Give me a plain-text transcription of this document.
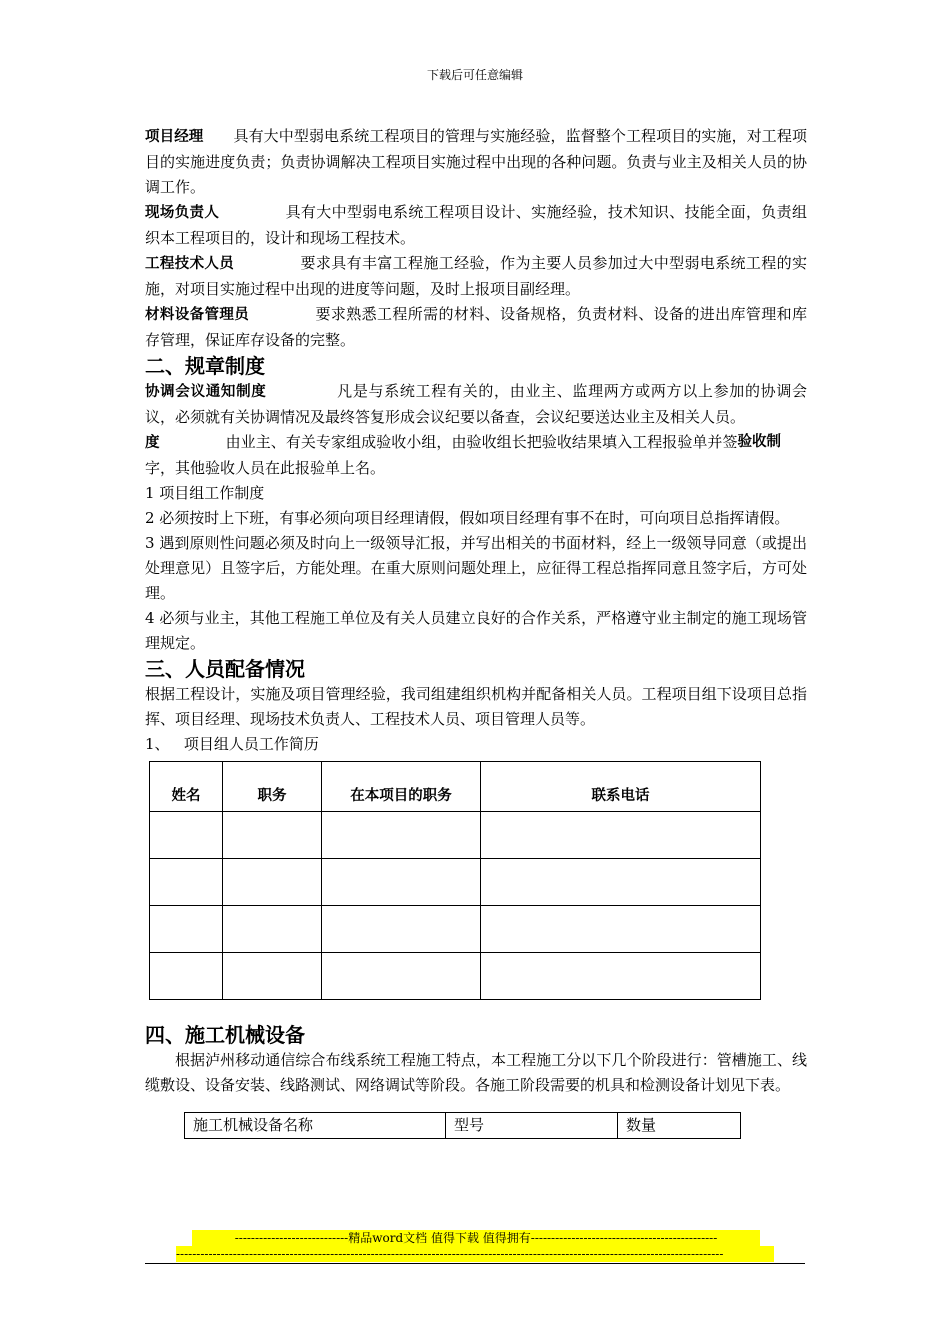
下载后可任意编辑

项目经理 具有大中型弱电系统工程项目的管理与实施经验，监督整个工程项目的实施，对工程项目的实施进度负责；负责协调解决工程项目实施过程中出现的各种问题。负责与业主及相关人员的协调工作。

现场负责人	具有大中型弱电系统工程项目设计、实施经验，技术知识、技能全面，负责组织本工程项目的，设计和现场工程技术。

工程技术人员	要求具有丰富工程施工经验，作为主要人员参加过大中型弱电系统工程的实施，对项目实施过程中出现的进度等问题，及时上报项目副经理。

材料设备管理员	要求熟悉工程所需的材料、设备规格，负责材料、设备的进出库管理和库存管理，保证库存设备的完整。

二、规章制度

协调会议通知制度	凡是与系统工程有关的，由业主、监理两方或两方以上参加的协调会议，必须就有关协调情况及最终答复形成会议纪要以备查，会议纪要送达业主及相关人员。
验收制

度	由业主、有关专家组成验收小组，由验收组长把验收结果填入工程报验单并签字，其他验收人员在此报验单上名。

1 项目组工作制度

2 必须按时上下班，有事必须向项目经理请假，假如项目经理有事不在时，可向项目总指挥请假。

3 遇到原则性问题必须及时向上一级领导汇报，并写出相关的书面材料，经上一级领导同意（或提出处理意见）且签字后，方能处理。在重大原则问题处理上，应征得工程总指挥同意且签字后，方可处理。

4 必须与业主，其他工程施工单位及有关人员建立良好的合作关系，严格遵守业主制定的施工现场管理规定。

三、人员配备情况

根据工程设计，实施及项目管理经验，我司组建组织机构并配备相关人员。工程项目组下设项目总指挥、项目经理、现场技术负责人、工程技术人员、项目管理人员等。

1、   项目组人员工作简历

姓名	职务	在本项目的职务	联系电话

四、施工机械设备

根据泸州移动通信综合布线系统工程施工特点，本工程施工分以下几个阶段进行：管槽施工、线缆敷设、设备安装、线路测试、网络调试等阶段。各施工阶段需要的机具和检测设备计划见下表。

施工机械设备名称	型号	数量
----------------------------精品word文档 值得下载 值得拥有----------------------------------------------
---------------------------------------------------------------------------------------------------------------------------------------
